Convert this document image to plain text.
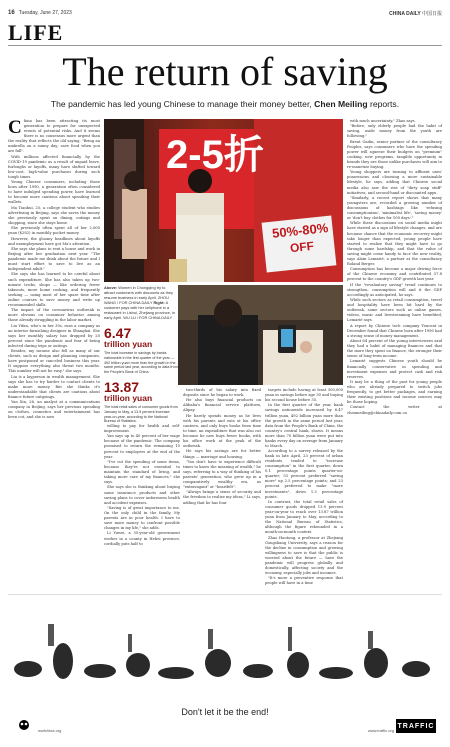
16 Tuesday, June 27, 2023	CHINA DAILY 中国日报
LIFE
The return of saving
The pandemic has led young Chinese to manage their money better, Chen Meiling reports.

China has been attracting its most generation to prepare for unexpected events of potential risks. And it seems there is no consensus more urgent than the reality that reflects the old saying, "Bring an umbrella on a sunny day; save food when you are full".

With millions affected financially by the COVID-19 pandemic as a result of unpaid leave, furloughs or layoffs, many have shifted toward low-cost, high-value purchases during such tough times.

Young Chinese consumers, including those born after 1990, a generation often considered to have indulged spending power, have learned to become more cautious about spending their wallets.

Ma Tianhui, 25, a college student who studies advertising in Beijing, says she saves the money she previously spent on dining, outings and shopping, since she stays home.

She previously often spent all of her 2,000 yuan ($282) in monthly pocket money.

However, the gloomy headlines about layoffs and unemployment have got Ma's attention.

She says she plans to rent a house and work in Beijing after her graduation next year. "The pandemic made me think about the future and I must start effort to save to live as an independent adult."

She says she has learned to be careful about such expenditure. She has also taken up two-minute tricks, shops — like ordering fewer takeouts, more home cooking, and frequently seeking — using most of her spare time after online courses to save money and write up recommended skills.

The impact of the coronavirus outbreak is more obvious on consumer behavior among those already struggling in the labor market.

Liu Yifan, who's in her 30s, runs a company as an interior furnishing designer in Shanghai. She says her monthly salary has dropped by 20 percent since the pandemic and fear of being infected during trips or outings.

Besides, my income also fell as many of our clients, such as design and planning companies, have postponed or canceled business this year. It suppose everything also threat two months. This number will not be easy," she says.

Liu is a layperson in wealth management. She says she has to try harder to contact clients to make more money. But she thinks it's understandable that clients are cautious about finance future outgoings.

Yan Xin, 26, an analyst at a communications company in Beijing, says her previous spending on clothes, cosmetics and entertainment has been cut, and she is now

2-5折
50%-80%
OFF
Above: Women in Chongqing try to attract customers with discounts as they resume business in early April. ZHOU WANG / FOR CHINA DAILY Right: A customer pays with her cellphone in a restaurant in Lishui, Zhejiang province, in early April. WU LU / FOR CHINA DAILY
6.47
trillion yuan
The total increase in savings by banks nationwide in the first quarter of the year — 492 billion yuan more than the growth in the same period last year, according to data from the People's Bank of China.
13.87
trillion yuan
The total retail sales of consumer goods from January to May, a 13.9 percent increase year-on-year, according to the National Bureau of Statistics.

willing to pay for health and self-improvement.

Yan says up to 40 percent of her wage because of the pandemic. The company promised to return the remaining 15 percent to employees at the end of the year.

"I've cut the spending of some items, because they're not essential to maintain the standard of living, and taking more care of my finances," she says.

She says she is thinking about buying some insurance products and other saving plans to cover unforeseen health and accident expenses.

"Saving is of great importance to me. On the only child in the family, My parents are in poor health. I have to save more money to confront possible changes in my life," she adds.

Li Yuwei, a 35-year-old government worker in a county in Hebei province, cordially puts half to

two-thirds of his salary into fixed deposits since he began to work.

He also buys financial products on Alibaba's financial service platform, Alipay.

He barely spends money as he lives with his parents and eats at his office canteen, and only buys books from time to time, an expenditure that was also cut because he now buys fewer books, with his office work at the peak of the outbreak.

He says his savings are for better things — marriage and housing.

"You don't have to experience difficult times to know the meaning of wealth," he says, referring to a way of thinking of his parents' generation, who grew up in a comparatively wealthy era, as "extravagant" or "heartfelt".

"Always brings a sense of security and the freedom to realize my ideas," Li says, adding that he has four

targets include having at least 300,000 yuan in savings before age 30 and buying his second house before 35.

In the first quarter of the year, bank savings nationwide increased by 6.47 trillion yuan, 492 billion yuan more than the growth in the same period last year, data from the People's Bank of China, the country's central bank, shows. It means more than 70 billion yuan were put into banks every day on average from January to March.

According to a survey released by the bank in late April, 23 percent of urban residents tended to "increase consumption" in the first quarter, down 0.1 percentage points quarter-on-quarter; 53 percent preferred "saving more" up 2.5 percentage points; and 23 percent preferred to make "more investments", down 1.3 percentage points.

In contrast, the total retail sales of consumer goods dropped 13.9 percent year-on-year to reach over 13.87 trillion yuan from January to May, according to the National Bureau of Statistics, although the figure rebounded in a month-on-month context.

Zhao Haotong, a professor at Zhejiang Gongshang University, says a reason for the decline in consumption and growing willingness to save is that the public is worried about the future — have the pandemic will progress globally and domestically, affecting society and the economy, especially jobs and incomes.

"It's more a preventive response that people will have in a time

with much uncertainty," Zhao says.

"Before, only elderly people had the habit of saving, aside money from the youth are following."

Brent Gadin, senior partner of the consultancy Peoples, says consumers who have the spending power will squeeze their budgets on "premium" cooking, new programs, tangible opportunity in brands they are those unlike purchases will aim to re-monetize buying.

Young shoppers are turning to affluent ones' possessions and choosing a more sustainable lifestyle, he says, adding that Chinese social media also saw the rise of "dirty soap stuff" initiatives, and second-hand or discounted apps.

"Similarly, a recent report shows that many youngsters are, recorded a growing number of discussions of hashtags like 'refusing consumptionism', 'minimalist life', 'saving money' or 'don't buy clothes for 100 days'."

While these discussions on social media might have started as a sign of lifestyle changes, and are because chance that the economic recovery might take longer than expected, young people have started to realize that they might have to go through some hardship, and that the value of saving might come handy to face the new reality, says Alain Lemarié, a partner at the consultancy Roland Berger.

Consumption has become a major driving force of the Chinese economy and contributed 57.8 percent to the country's GDP growth last year.

If the "revaluatory saving" trend continues to strengthen, consumption will and it the GDP accordingly as anticipated, he says.

While such sectors as retail consumption, travel and hospitality have been hit hard by the outbreak, some sectors such as online games, videos, music and livestreaming have benefited, Lemarié says.

A report by Chinese tech company Tencent in December found that Chinese born after 1990 had a strong sense of money management.

About 64 percent of the young interviewees said they had a habit of managing finances and that the more they spent on finance, the stronger their sense of long-term income.

Lemarié suggests Chinese youth should be financially conservative in spending and investment expenses and protect cash and risk reserves.

It may be a thing of the past for young people who are already prepared to switch jobs frequently, to get better packages, and earning their existing positions and income sources may be those hoping.

Contact the writer at chenmeiling@chinadaily.com.cn

Don't let it be the end!
wwfchina.org	www.traffic.org
TRAFFIC
